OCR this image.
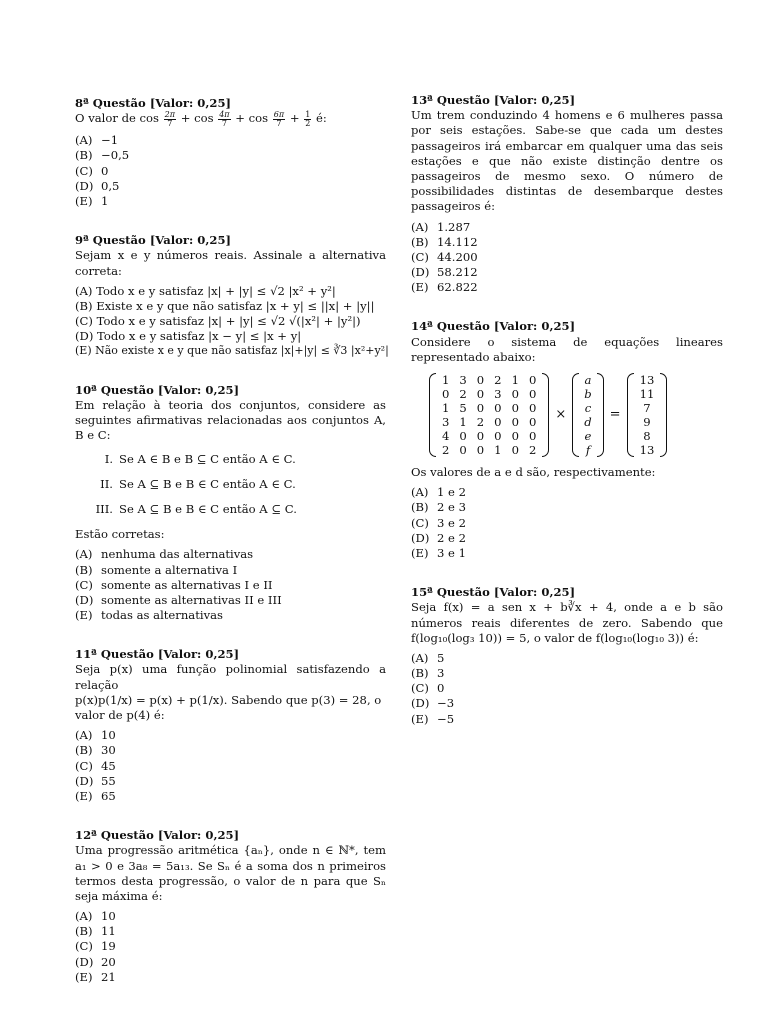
8ª Questão [Valor: 0,25]
O valor de $\cos \frac{2\pi}{7} + \cos \frac{4\pi}{7} + \cos \frac{6\pi}{7} + \frac{1}{2}$ é:
(A) −1
(B) −0,5
(C) 0
(D) 0,5
(E) 1
9ª Questão [Valor: 0,25]
Sejam x e y números reais. Assinale a alternativa correta:
(A) Todo x e y satisfaz |x| + |y| ≤ √2 |x² + y²|
(B) Existe x e y que não satisfaz |x + y| ≤ ||x| + |y||
(C) Todo x e y satisfaz |x| + |y| ≤ √2 √(|x²| + |y²|)
(D) Todo x e y satisfaz |x − y| ≤ |x + y|
(E) Não existe x e y que não satisfaz |x|+|y| ≤ ∛3 |x²+y²|
10ª Questão [Valor: 0,25]
Em relação à teoria dos conjuntos, considere as seguintes afirmativas relacionadas aos conjuntos A, B e C:
I. Se A ∈ B e B ⊆ C então A ∈ C.
II. Se A ⊆ B e B ∈ C então A ∈ C.
III. Se A ⊆ B e B ∈ C então A ⊆ C.
Estão corretas:
(A) nenhuma das alternativas
(B) somente a alternativa I
(C) somente as alternativas I e II
(D) somente as alternativas II e III
(E) todas as alternativas
11ª Questão [Valor: 0,25]
Seja p(x) uma função polinomial satisfazendo a relação
p(x)p(1/x) = p(x) + p(1/x). Sabendo que p(3) = 28, o
valor de p(4) é:
(A) 10
(B) 30
(C) 45
(D) 55
(E) 65
12ª Questão [Valor: 0,25]
Uma progressão aritmética {aₙ}, onde n ∈ ℕ*, tem a₁ > 0 e 3a₈ = 5a₁₃. Se Sₙ é a soma dos n primeiros termos desta progressão, o valor de n para que Sₙ seja máxima é:
(A) 10
(B) 11
(C) 19
(D) 20
(E) 21
13ª Questão [Valor: 0,25]
Um trem conduzindo 4 homens e 6 mulheres passa por seis estações. Sabe-se que cada um destes passageiros irá embarcar em qualquer uma das seis estações e que não existe distinção dentre os passageiros de mesmo sexo. O número de possibilidades distintas de desembarque destes passageiros é:
(A) 1.287
(B) 14.112
(C) 44.200
(D) 58.212
(E) 62.822
14ª Questão [Valor: 0,25]
Considere o sistema de equações lineares representado abaixo:
1	3	0	2	1	0
0	2	0	3	0	0
1	5	0	0	0	0
3	1	2	0	0	0
4	0	0	0	0	0
2	0	0	1	0	2
×
a
b
c
d
e
f
=
13
11
7
9
8
13
Os valores de a e d são, respectivamente:
(A) 1 e 2
(B) 2 e 3
(C) 3 e 2
(D) 2 e 2
(E) 3 e 1
15ª Questão [Valor: 0,25]
Seja f(x) = a sen x + b∛x + 4, onde a e b são números reais diferentes de zero. Sabendo que f(log₁₀(log₃ 10)) = 5, o valor de f(log₁₀(log₁₀ 3)) é:
(A) 5
(B) 3
(C) 0
(D) −3
(E) −5
